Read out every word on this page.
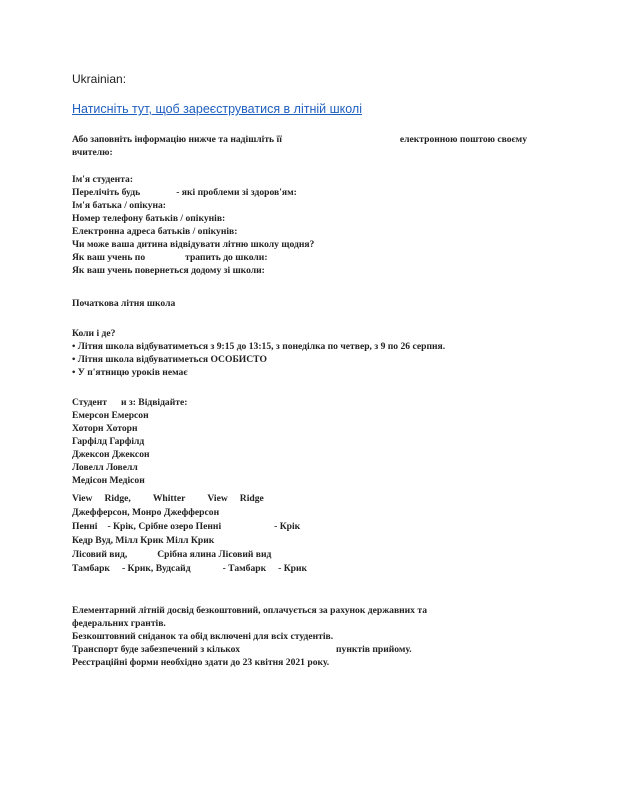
Ukrainian:
Натисніть тут, щоб зареєструватися в літній школі
Або заповніть інформацію нижче та надішліть її	електронною поштою своєму
вчителю:
Ім'я студента:
Перелічіть будь	- які проблеми зі здоров'ям:
Ім'я батька / опікуна:
Номер телефону батьків / опікунів:
Електронна адреса батьків / опікунів:
Чи може ваша дитина відвідувати літню школу щодня?
Як ваш учень по	трапить до школи:
Як ваш учень повернеться додому зі школи:
Початкова літня школа
Коли і де?
• Літня школа відбуватиметься з 9:15 до 13:15, з понеділка по четвер, з 9 по 26 серпня.
• Літня школа відбуватиметься ОСОБИСТО
• У п'ятницю уроків немає
Студент и з: Відвідайте:
Емерсон Емерсон
Хоторн Хоторн
Гарфілд Гарфілд
Джексон Джексон
Ловелл Ловелл
Медісон Медісон
View Ridge, Whitter View Ridge
Джефферсон, Монро Джефферсон
Пенні - Крік, Срібне озеро Пенні	- Крік
Кедр Вуд, Мілл Крик Мілл Крик
Лісовий вид,	Срібна ялина Лісовий вид
Тамбарк - Крик, Вудсайд	- Тамбарк - Крик
Елементарний літній досвід безкоштовний, оплачується за рахунок державних та
федеральних грантів.
Безкоштовний сніданок та обід включені для всіх студентів.
Транспорт буде забезпечений з кількох	пунктів прийому.
Реєстраційні форми необхідно здати до 23 квітня 2021 року.
